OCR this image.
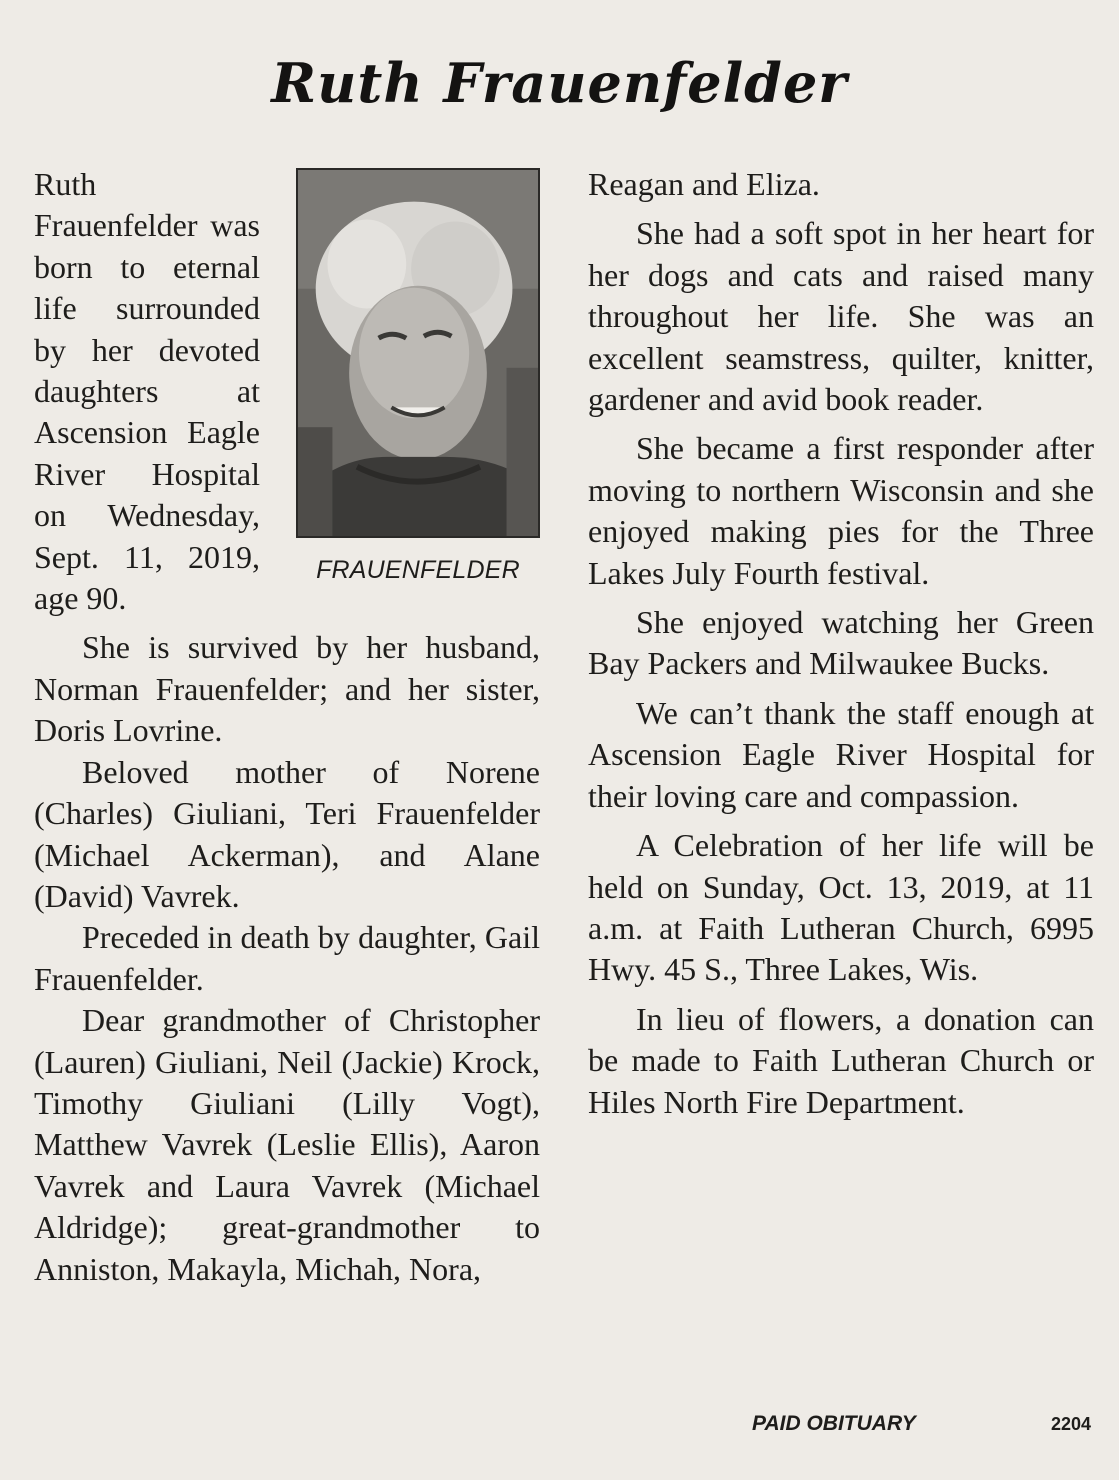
Ruth Frauenfelder
FRAUENFELDER

Ruth Frauenfelder was born to eternal life surrounded by her devoted daughters at Ascension Eagle River Hospital on Wednesday, Sept. 11, 2019, age 90.

She is survived by her husband, Norman Frauenfelder; and her sister, Doris Lovrine.

Beloved mother of Norene (Charles) Giuliani, Teri Frauenfelder (Michael Ackerman), and Alane (David) Vavrek.

Preceded in death by daughter, Gail Frauenfelder.

Dear grandmother of Christopher (Lauren) Giuliani, Neil (Jackie) Krock, Timothy Giuliani (Lilly Vogt), Matthew Vavrek (Leslie Ellis), Aaron Vavrek and Laura Vavrek (Michael Aldridge); great-grandmother to Anniston, Makayla, Michah, Nora,

Reagan and Eliza.

She had a soft spot in her heart for her dogs and cats and raised many throughout her life. She was an excellent seamstress, quilter, knitter, gardener and avid book reader.

She became a first responder after moving to northern Wisconsin and she enjoyed making pies for the Three Lakes July Fourth festival.

She enjoyed watching her Green Bay Packers and Milwaukee Bucks.

We can’t thank the staff enough at Ascension Eagle River Hospital for their loving care and compassion.

A Celebration of her life will be held on Sunday, Oct. 13, 2019, at 11 a.m. at Faith Lutheran Church, 6995 Hwy. 45 S., Three Lakes, Wis.

In lieu of flowers, a donation can be made to Faith Lutheran Church or Hiles North Fire Department.

PAID OBITUARY	2204
